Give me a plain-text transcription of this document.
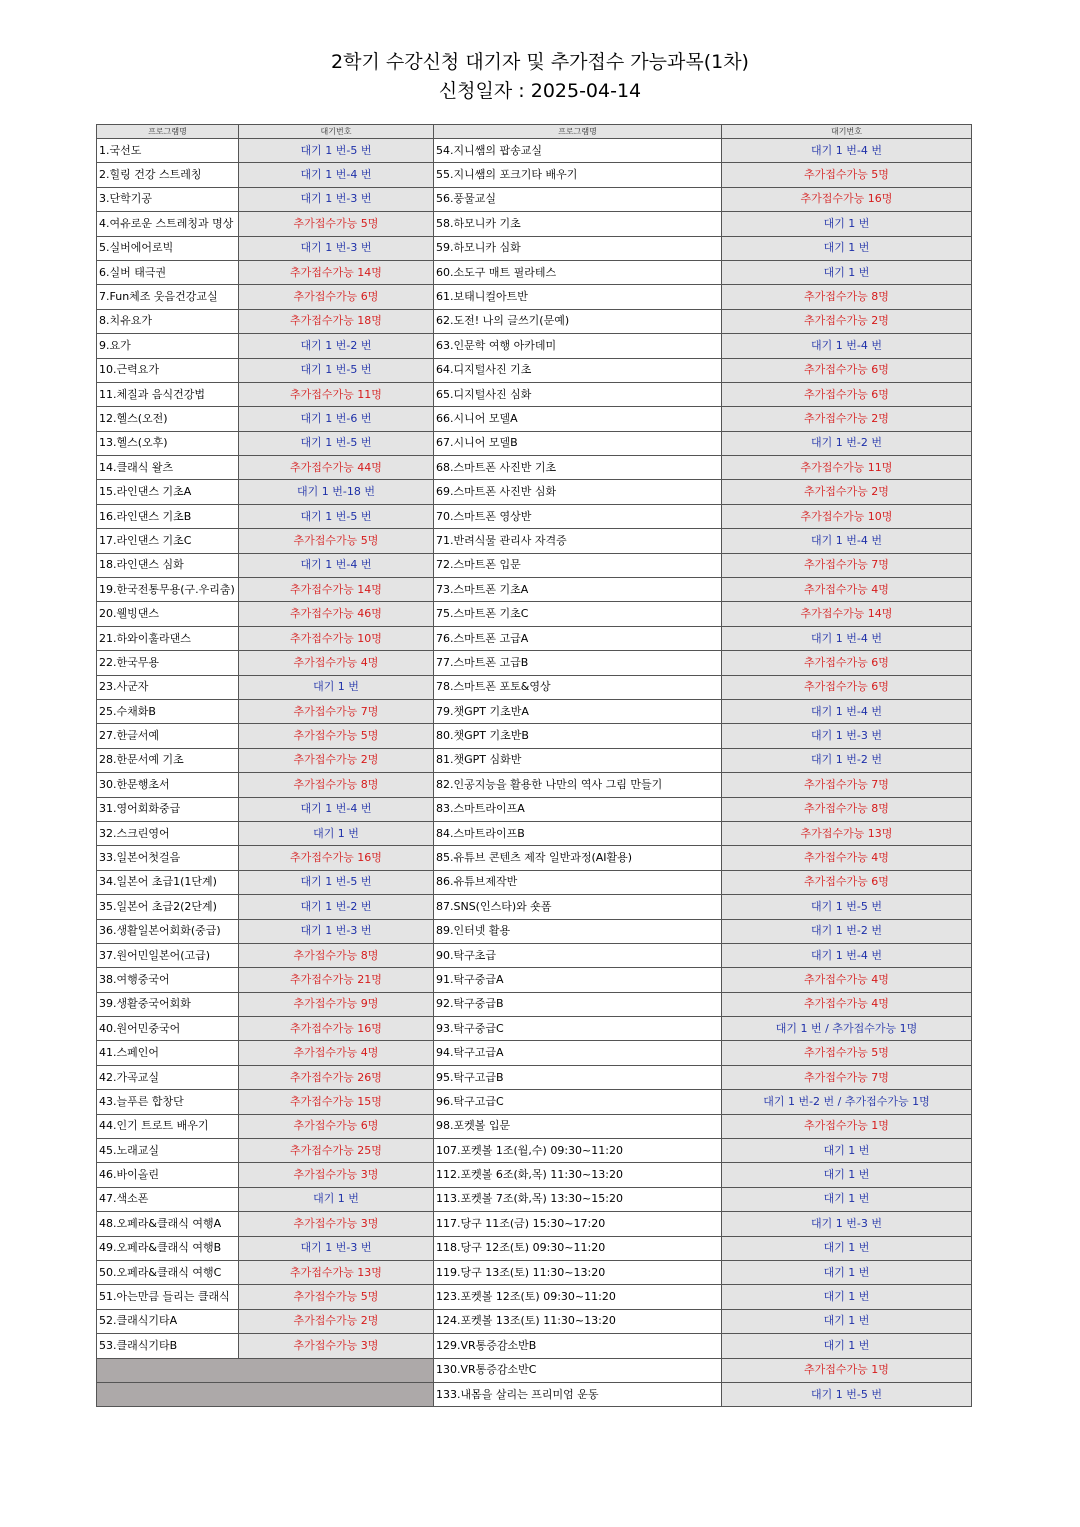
2학기 수강신청 대기자 및 추가접수 가능과목(1차)
신청일자 : 2025-04-14
프로그램명	대기번호	프로그램명	대기번호
1.국선도	대기 1 번-5 번	54.지니쌤의 팝송교실	대기 1 번-4 번
2.힐링 건강 스트레칭	대기 1 번-4 번	55.지니쌤의 포크기타 배우기	추가접수가능 5명
3.단학기공	대기 1 번-3 번	56.풍물교실	추가접수가능 16명
4.여유로운 스트레칭과 명상	추가접수가능 5명	58.하모니카 기초	대기 1 번
5.실버에어로빅	대기 1 번-3 번	59.하모니카 심화	대기 1 번
6.실버 태극권	추가접수가능 14명	60.소도구 매트 필라테스	대기 1 번
7.Fun체조 웃음건강교실	추가접수가능 6명	61.보태니컬아트반	추가접수가능 8명
8.치유요가	추가접수가능 18명	62.도전! 나의 글쓰기(문예)	추가접수가능 2명
9.요가	대기 1 번-2 번	63.인문학 여행 아카데미	대기 1 번-4 번
10.근력요가	대기 1 번-5 번	64.디지털사진 기초	추가접수가능 6명
11.체질과 음식건강법	추가접수가능 11명	65.디지털사진 심화	추가접수가능 6명
12.헬스(오전)	대기 1 번-6 번	66.시니어 모델A	추가접수가능 2명
13.헬스(오후)	대기 1 번-5 번	67.시니어 모델B	대기 1 번-2 번
14.클래식 왈츠	추가접수가능 44명	68.스마트폰 사진반 기초	추가접수가능 11명
15.라인댄스 기초A	대기 1 번-18 번	69.스마트폰 사진반 심화	추가접수가능 2명
16.라인댄스 기초B	대기 1 번-5 번	70.스마트폰 영상반	추가접수가능 10명
17.라인댄스 기초C	추가접수가능 5명	71.반려식물 관리사 자격증	대기 1 번-4 번
18.라인댄스 심화	대기 1 번-4 번	72.스마트폰 입문	추가접수가능 7명
19.한국전통무용(구.우리춤)	추가접수가능 14명	73.스마트폰 기초A	추가접수가능 4명
20.웰빙댄스	추가접수가능 46명	75.스마트폰 기초C	추가접수가능 14명
21.하와이훌라댄스	추가접수가능 10명	76.스마트폰 고급A	대기 1 번-4 번
22.한국무용	추가접수가능 4명	77.스마트폰 고급B	추가접수가능 6명
23.사군자	대기 1 번	78.스마트폰 포토&영상	추가접수가능 6명
25.수채화B	추가접수가능 7명	79.챗GPT 기초반A	대기 1 번-4 번
27.한글서예	추가접수가능 5명	80.챗GPT 기초반B	대기 1 번-3 번
28.한문서예 기초	추가접수가능 2명	81.챗GPT 심화반	대기 1 번-2 번
30.한문행초서	추가접수가능 8명	82.인공지능을 활용한 나만의 역사 그림 만들기	추가접수가능 7명
31.영어회화중급	대기 1 번-4 번	83.스마트라이프A	추가접수가능 8명
32.스크린영어	대기 1 번	84.스마트라이프B	추가접수가능 13명
33.일본어첫걸음	추가접수가능 16명	85.유튜브 콘텐츠 제작 일반과정(AI활용)	추가접수가능 4명
34.일본어 초급1(1단계)	대기 1 번-5 번	86.유튜브제작반	추가접수가능 6명
35.일본어 초급2(2단계)	대기 1 번-2 번	87.SNS(인스타)와 숏폼	대기 1 번-5 번
36.생활일본어회화(중급)	대기 1 번-3 번	89.인터넷 활용	대기 1 번-2 번
37.원어민일본어(고급)	추가접수가능 8명	90.탁구초급	대기 1 번-4 번
38.여행중국어	추가접수가능 21명	91.탁구중급A	추가접수가능 4명
39.생활중국어회화	추가접수가능 9명	92.탁구중급B	추가접수가능 4명
40.원어민중국어	추가접수가능 16명	93.탁구중급C	대기 1 번 / 추가접수가능 1명
41.스페인어	추가접수가능 4명	94.탁구고급A	추가접수가능 5명
42.가곡교실	추가접수가능 26명	95.탁구고급B	추가접수가능 7명
43.늘푸른 합창단	추가접수가능 15명	96.탁구고급C	대기 1 번-2 번 / 추가접수가능 1명
44.인기 트로트 배우기	추가접수가능 6명	98.포켓볼 입문	추가접수가능 1명
45.노래교실	추가접수가능 25명	107.포켓볼 1조(월,수) 09:30~11:20	대기 1 번
46.바이올린	추가접수가능 3명	112.포켓볼 6조(화,목) 11:30~13:20	대기 1 번
47.색소폰	대기 1 번	113.포켓볼 7조(화,목) 13:30~15:20	대기 1 번
48.오페라&클래식 여행A	추가접수가능 3명	117.당구 11조(금) 15:30~17:20	대기 1 번-3 번
49.오페라&클래식 여행B	대기 1 번-3 번	118.당구 12조(토) 09:30~11:20	대기 1 번
50.오페라&클래식 여행C	추가접수가능 13명	119.당구 13조(토) 11:30~13:20	대기 1 번
51.아는만큼 들리는 클래식	추가접수가능 5명	123.포켓볼 12조(토) 09:30~11:20	대기 1 번
52.클래식기타A	추가접수가능 2명	124.포켓볼 13조(토) 11:30~13:20	대기 1 번
53.클래식기타B	추가접수가능 3명	129.VR통증감소반B	대기 1 번
		130.VR통증감소반C	추가접수가능 1명
		133.내몸을 살리는 프리미엄 운동	대기 1 번-5 번
